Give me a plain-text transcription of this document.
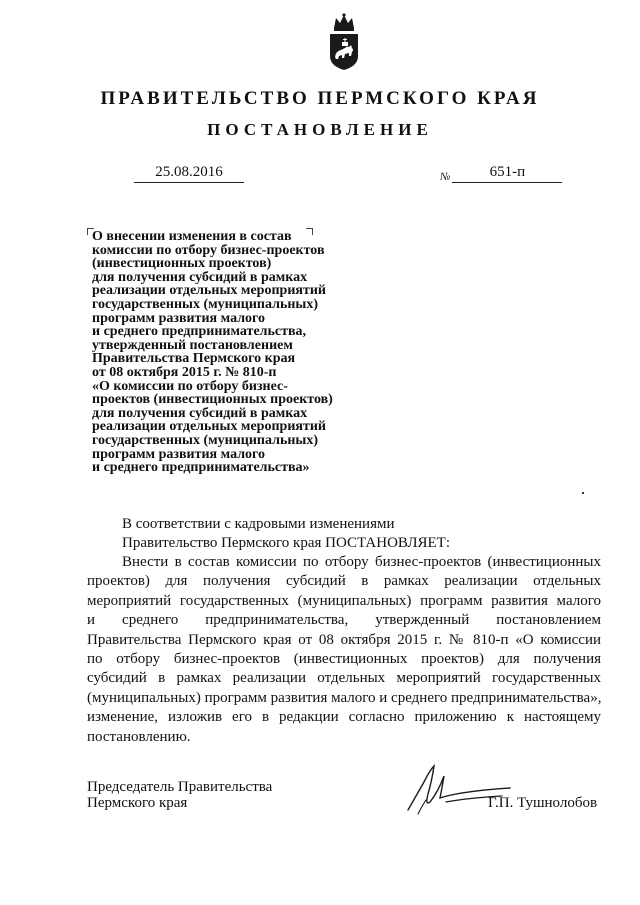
ПРАВИТЕЛЬСТВО ПЕРМСКОГО КРАЯ
ПОСТАНОВЛЕНИЕ
25.08.2016	№	651-п
О внесении изменения в состав
комиссии по отбору бизнес-проектов
(инвестиционных проектов)
для получения субсидий в рамках
реализации отдельных мероприятий
государственных (муниципальных)
программ развития малого
и среднего предпринимательства,
утвержденный постановлением
Правительства Пермского края
от 08 октября 2015 г. № 810-п
«О комиссии по отбору бизнес-
проектов (инвестиционных проектов)
для получения субсидий в рамках
реализации отдельных мероприятий
государственных (муниципальных)
программ развития малого
и среднего предпринимательства»
В соответствии с кадровыми изменениями
Правительство Пермского края ПОСТАНОВЛЯЕТ:
Внести в состав комиссии по отбору бизнес-проектов (инвестиционных
проектов) для получения субсидий в рамках реализации отдельных
мероприятий государственных (муниципальных) программ развития малого
и среднего предпринимательства, утвержденный постановлением
Правительства Пермского края от 08 октября 2015 г. № 810-п «О комиссии
по отбору бизнес-проектов (инвестиционных проектов) для получения
субсидий в рамках реализации отдельных мероприятий государственных
(муниципальных) программ развития малого и среднего предпринимательства»,
изменение, изложив его в редакции согласно приложению к настоящему
постановлению.
Председатель Правительства
Пермского края	Г.П. Тушнолобов
